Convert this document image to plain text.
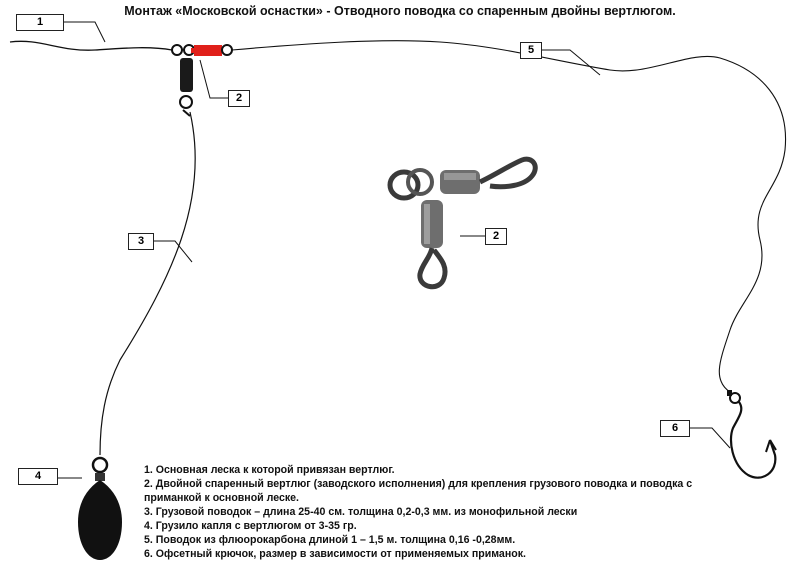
Монтаж «Московской оснастки» - Отводного поводка со спаренным двойны вертлюгом.
1
2
2
3
4
5
6
1. Основная леска к которой привязан вертлюг.
2. Двойной спаренный вертлюг (заводского исполнения) для крепления грузового поводка и поводка с
приманкой к основной леске.
3. Грузовой поводок – длина 25-40 см. толщина 0,2-0,3 мм. из монофильной лески
4. Грузило капля с вертлюгом от 3-35 гр.
5. Поводок из флюорокарбона длиной 1 – 1,5 м. толщина 0,16 -0,28мм.
6. Офсетный крючок, размер в зависимости от применяемых приманок.
